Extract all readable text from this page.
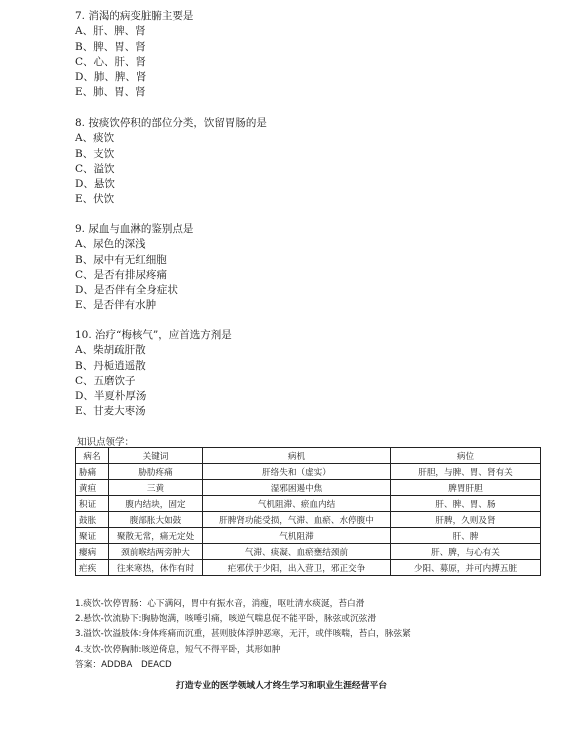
7. 消渴的病变脏腑主要是
A、肝、脾、肾
B、脾、胃、肾
C、心、肝、肾
D、肺、脾、肾
E、肺、胃、肾
8. 按痰饮停积的部位分类，饮留胃肠的是
A、痰饮
B、支饮
C、溢饮
D、悬饮
E、伏饮
9. 尿血与血淋的鉴别点是
A、尿色的深浅
B、尿中有无红细胞
C、是否有排尿疼痛
D、是否伴有全身症状
E、是否伴有水肿
10. 治疗“梅核气”，应首选方剂是
A、柴胡疏肝散
B、丹栀逍遥散
C、五磨饮子
D、半夏朴厚汤
E、甘麦大枣汤
知识点领学：
病名	关键词	病机	病位
胁痛	胁肋疼痛	肝络失和（虚实）	肝胆，与脾、胃、肾有关
黄疸	三黄	湿邪困遏中焦	脾胃肝胆
积证	腹内结块，固定	气机阻滞、瘀血内结	肝、脾、胃、肠
鼓胀	腹部胀大如鼓	肝脾肾功能受损，气滞、血瘀、水停腹中	肝脾，久则及肾
聚证	聚散无常，痛无定处	气机阻滞	肝、脾
瘿病	颈前喉结两旁肿大	气滞、痰凝、血瘀壅结颈前	肝、脾，与心有关
疟疾	往来寒热，休作有时	疟邪伏于少阳，出入营卫，邪正交争	少阳、募原，并可内搏五脏
1.痰饮-饮停胃肠：心下满闷，胃中有振水音，消瘦，呕吐清水痰涎，苔白滑
2.悬饮-饮流胁下:胸胁饱满，咳唾引痛，咳逆气喘息促不能平卧，脉弦或沉弦滑
3.溢饮-饮溢肢体:身体疼痛而沉重，甚则肢体浮肿恶寒，无汗，或伴咳喘，苔白，脉弦紧
4.支饮-饮停胸肺:咳逆倚息，短气不得平卧，其形如肿
答案：ADDBA　DEACD
打造专业的医学领域人才终生学习和职业生涯经营平台
